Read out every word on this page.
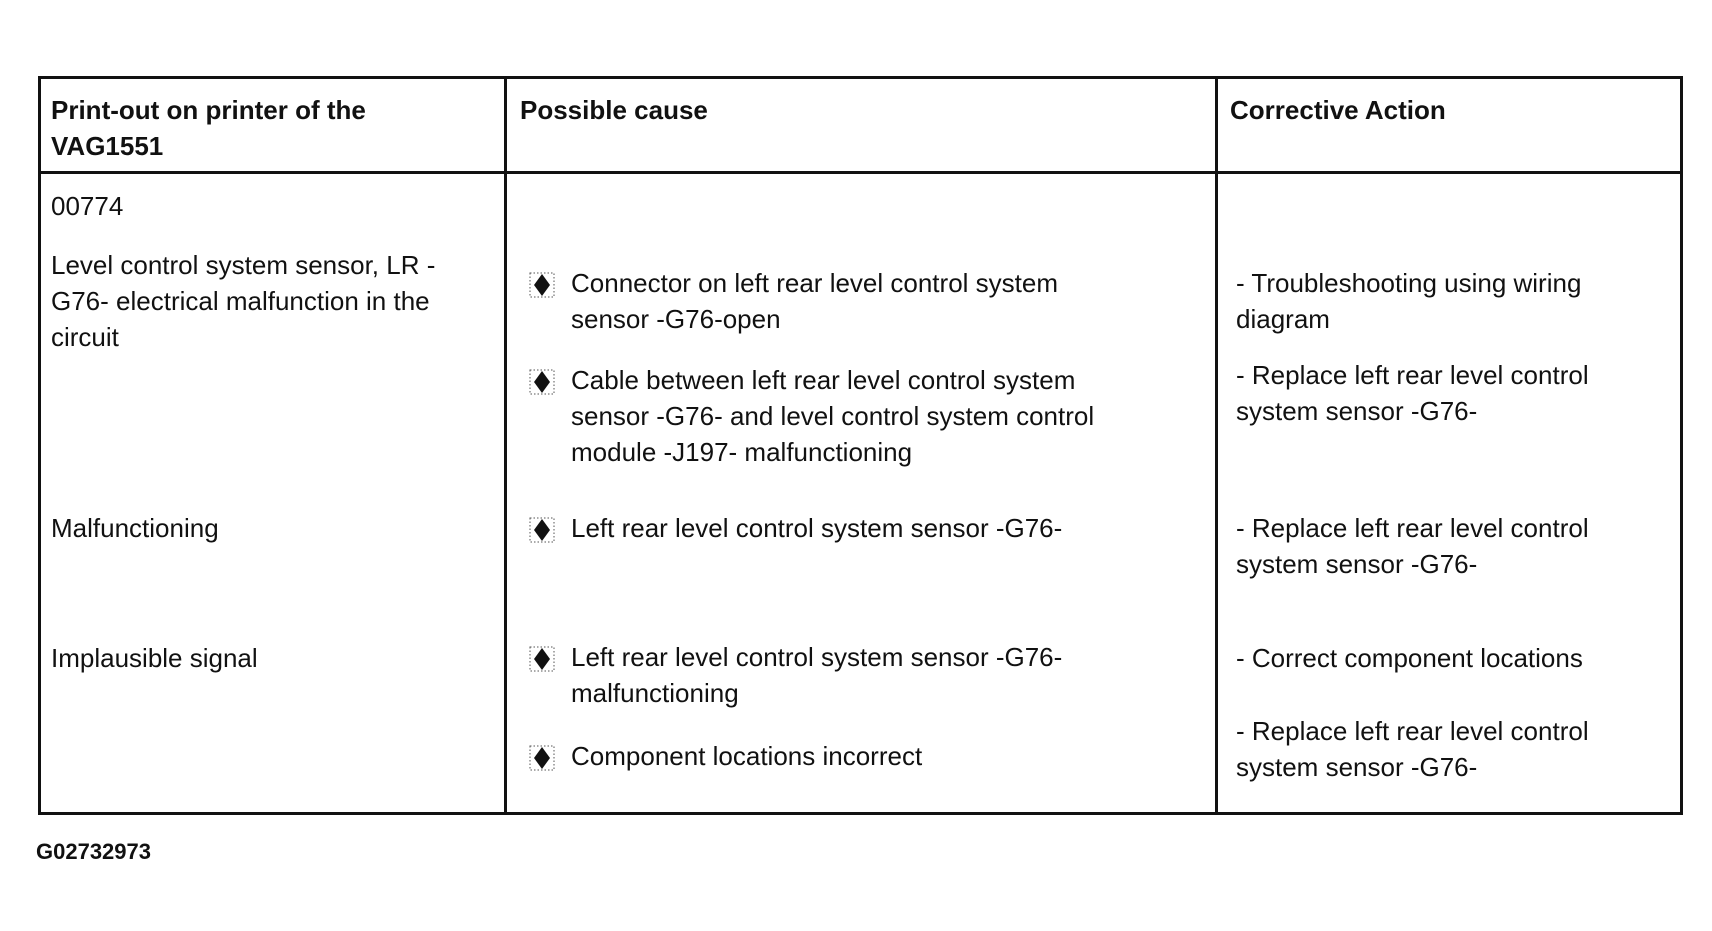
Print-out on printer of the
VAG1551
Possible cause	Corrective Action
00774
Level control system sensor, LR -
G76- electrical malfunction in the
circuit
Malfunctioning
Implausible signal
Connector on left rear level control system
sensor -G76-open
Cable between left rear level control system
sensor -G76- and level control system control
module -J197- malfunctioning
Left rear level control system sensor -G76-
Left rear level control system sensor -G76-
malfunctioning
Component locations incorrect
- Troubleshooting using wiring
diagram
- Replace left rear level control
system sensor -G76-
- Replace left rear level control
system sensor -G76-
- Correct component locations
- Replace left rear level control
system sensor -G76-
G02732973
